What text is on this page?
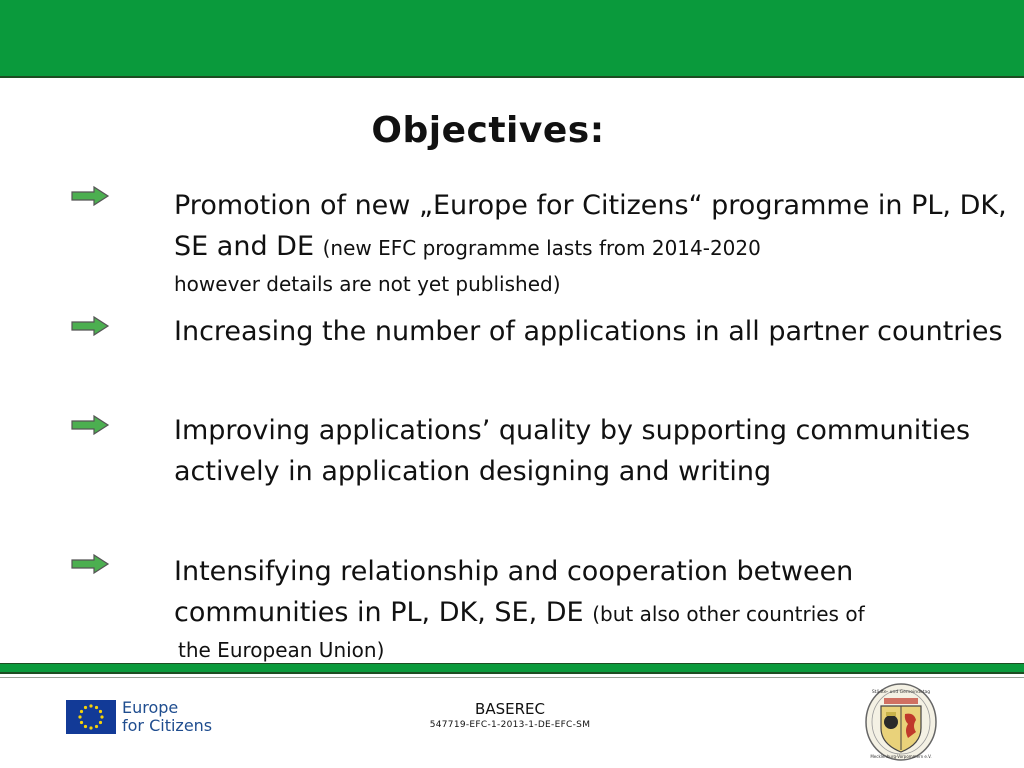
Objectives:

Promotion of new „Europe for Citizens“ programme in PL, DK, SE and DE (new EFC programme lasts from 2014-2020
however details are not yet published)

Increasing the number of applications in all partner countries

Improving applications’ quality by supporting communities actively in application designing and writing

Intensifying relationship and cooperation between communities in PL, DK, SE, DE (but also other countries of
the European Union)

Europe
for Citizens
BASEREC
547719-EFC-1-2013-1-DE-EFC-SM
Städte- und Gemeindetag
Mecklenburg-Vorpommern e.V.
